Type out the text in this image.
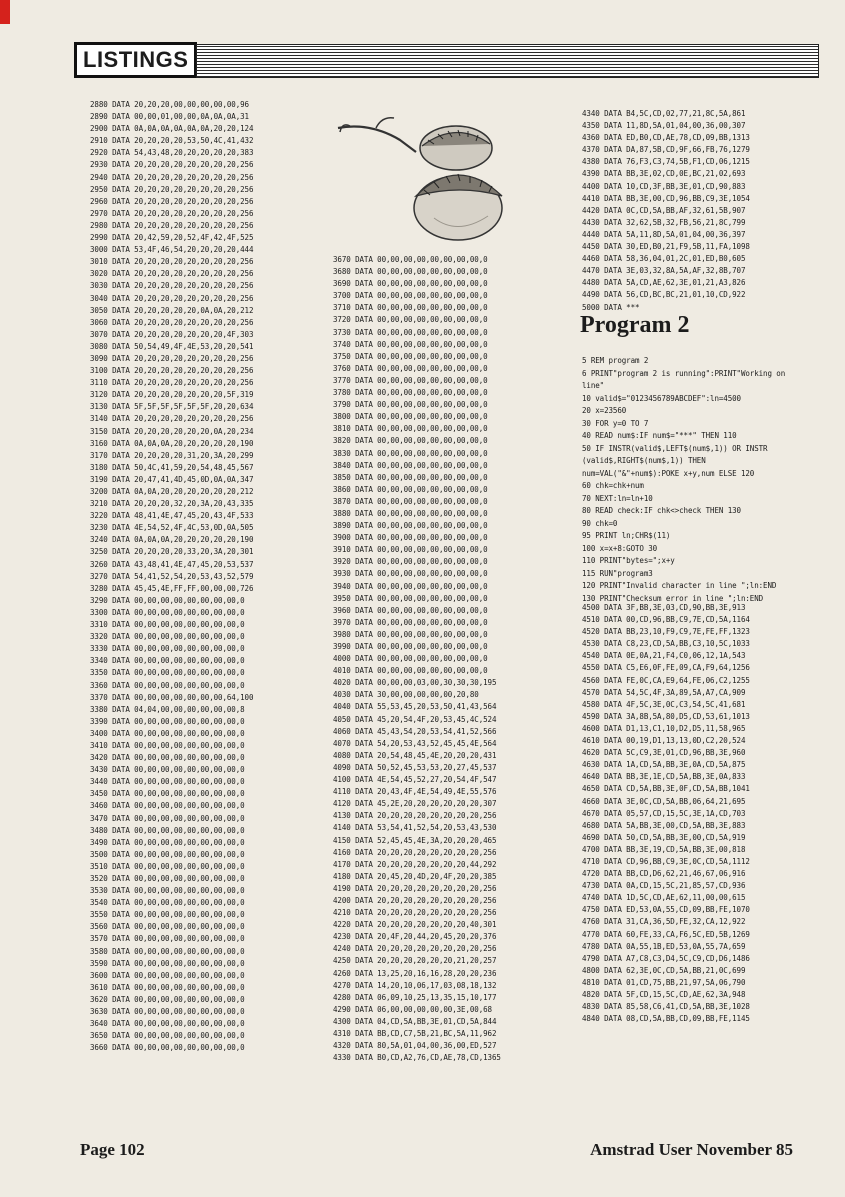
LISTINGS
2880 DATA 20,20,20,00,00,00,00,00,96
2890 DATA 00,00,01,00,00,0A,0A,0A,31
2900 DATA 0A,0A,0A,0A,0A,0A,20,20,124
2910 DATA 20,20,20,20,53,50,4C,41,432
2920 DATA 54,43,48,20,20,20,20,20,383
2930 DATA 20,20,20,20,20,20,20,20,256
2940 DATA 20,20,20,20,20,20,20,20,256
2950 DATA 20,20,20,20,20,20,20,20,256
2960 DATA 20,20,20,20,20,20,20,20,256
2970 DATA 20,20,20,20,20,20,20,20,256
2980 DATA 20,20,20,20,20,20,20,20,256
2990 DATA 20,42,59,20,52,4F,42,4F,525
3000 DATA 53,4F,46,54,20,20,20,20,444
3010 DATA 20,20,20,20,20,20,20,20,256
3020 DATA 20,20,20,20,20,20,20,20,256
3030 DATA 20,20,20,20,20,20,20,20,256
3040 DATA 20,20,20,20,20,20,20,20,256
3050 DATA 20,20,20,20,20,0A,0A,20,212
3060 DATA 20,20,20,20,20,20,20,20,256
3070 DATA 20,20,20,20,20,20,20,4F,303
3080 DATA 50,54,49,4F,4E,53,20,20,541
3090 DATA 20,20,20,20,20,20,20,20,256
3100 DATA 20,20,20,20,20,20,20,20,256
3110 DATA 20,20,20,20,20,20,20,20,256
3120 DATA 20,20,20,20,20,20,20,5F,319
3130 DATA 5F,5F,5F,5F,5F,5F,20,20,634
3140 DATA 20,20,20,20,20,20,20,20,256
3150 DATA 20,20,20,20,20,20,0A,20,234
3160 DATA 0A,0A,0A,20,20,20,20,20,190
3170 DATA 20,20,20,20,31,20,3A,20,299
3180 DATA 50,4C,41,59,20,54,48,45,567
3190 DATA 20,47,41,4D,45,0D,0A,0A,347
3200 DATA 0A,0A,20,20,20,20,20,20,212
3210 DATA 20,20,20,32,20,3A,20,43,335
3220 DATA 48,41,4E,47,45,20,43,4F,533
3230 DATA 4E,54,52,4F,4C,53,0D,0A,505
3240 DATA 0A,0A,0A,20,20,20,20,20,190
3250 DATA 20,20,20,20,33,20,3A,20,301
3260 DATA 43,48,41,4E,47,45,20,53,537
3270 DATA 54,41,52,54,20,53,43,52,579
3280 DATA 45,45,4E,FF,FF,00,00,00,726
3290 DATA 00,00,00,00,00,00,00,00,0
3300 DATA 00,00,00,00,00,00,00,00,0
3310 DATA 00,00,00,00,00,00,00,00,0
3320 DATA 00,00,00,00,00,00,00,00,0
3330 DATA 00,00,00,00,00,00,00,00,0
3340 DATA 00,00,00,00,00,00,00,00,0
3350 DATA 00,00,00,00,00,00,00,00,0
3360 DATA 00,00,00,00,00,00,00,00,0
3370 DATA 00,00,00,00,00,00,00,64,100
3380 DATA 04,04,00,00,00,00,00,00,8
3390 DATA 00,00,00,00,00,00,00,00,0
3400 DATA 00,00,00,00,00,00,00,00,0
3410 DATA 00,00,00,00,00,00,00,00,0
3420 DATA 00,00,00,00,00,00,00,00,0
3430 DATA 00,00,00,00,00,00,00,00,0
3440 DATA 00,00,00,00,00,00,00,00,0
3450 DATA 00,00,00,00,00,00,00,00,0
3460 DATA 00,00,00,00,00,00,00,00,0
3470 DATA 00,00,00,00,00,00,00,00,0
3480 DATA 00,00,00,00,00,00,00,00,0
3490 DATA 00,00,00,00,00,00,00,00,0
3500 DATA 00,00,00,00,00,00,00,00,0
3510 DATA 00,00,00,00,00,00,00,00,0
3520 DATA 00,00,00,00,00,00,00,00,0
3530 DATA 00,00,00,00,00,00,00,00,0
3540 DATA 00,00,00,00,00,00,00,00,0
3550 DATA 00,00,00,00,00,00,00,00,0
3560 DATA 00,00,00,00,00,00,00,00,0
3570 DATA 00,00,00,00,00,00,00,00,0
3580 DATA 00,00,00,00,00,00,00,00,0
3590 DATA 00,00,00,00,00,00,00,00,0
3600 DATA 00,00,00,00,00,00,00,00,0
3610 DATA 00,00,00,00,00,00,00,00,0
3620 DATA 00,00,00,00,00,00,00,00,0
3630 DATA 00,00,00,00,00,00,00,00,0
3640 DATA 00,00,00,00,00,00,00,00,0
3650 DATA 00,00,00,00,00,00,00,00,0
3660 DATA 00,00,00,00,00,00,00,00,0
3670 DATA 00,00,00,00,00,00,00,00,0
3680 DATA 00,00,00,00,00,00,00,00,0
3690 DATA 00,00,00,00,00,00,00,00,0
3700 DATA 00,00,00,00,00,00,00,00,0
3710 DATA 00,00,00,00,00,00,00,00,0
3720 DATA 00,00,00,00,00,00,00,00,0
3730 DATA 00,00,00,00,00,00,00,00,0
3740 DATA 00,00,00,00,00,00,00,00,0
3750 DATA 00,00,00,00,00,00,00,00,0
3760 DATA 00,00,00,00,00,00,00,00,0
3770 DATA 00,00,00,00,00,00,00,00,0
3780 DATA 00,00,00,00,00,00,00,00,0
3790 DATA 00,00,00,00,00,00,00,00,0
3800 DATA 00,00,00,00,00,00,00,00,0
3810 DATA 00,00,00,00,00,00,00,00,0
3820 DATA 00,00,00,00,00,00,00,00,0
3830 DATA 00,00,00,00,00,00,00,00,0
3840 DATA 00,00,00,00,00,00,00,00,0
3850 DATA 00,00,00,00,00,00,00,00,0
3860 DATA 00,00,00,00,00,00,00,00,0
3870 DATA 00,00,00,00,00,00,00,00,0
3880 DATA 00,00,00,00,00,00,00,00,0
3890 DATA 00,00,00,00,00,00,00,00,0
3900 DATA 00,00,00,00,00,00,00,00,0
3910 DATA 00,00,00,00,00,00,00,00,0
3920 DATA 00,00,00,00,00,00,00,00,0
3930 DATA 00,00,00,00,00,00,00,00,0
3940 DATA 00,00,00,00,00,00,00,00,0
3950 DATA 00,00,00,00,00,00,00,00,0
3960 DATA 00,00,00,00,00,00,00,00,0
3970 DATA 00,00,00,00,00,00,00,00,0
3980 DATA 00,00,00,00,00,00,00,00,0
3990 DATA 00,00,00,00,00,00,00,00,0
4000 DATA 00,00,00,00,00,00,00,00,0
4010 DATA 00,00,00,00,00,00,00,00,0
4020 DATA 00,00,00,03,00,30,30,30,195
4030 DATA 30,00,00,00,00,00,20,80
4040 DATA 55,53,45,20,53,50,41,43,564
4050 DATA 45,20,54,4F,20,53,45,4C,524
4060 DATA 45,43,54,20,53,54,41,52,566
4070 DATA 54,20,53,43,52,45,45,4E,564
4080 DATA 20,54,48,45,4E,20,20,20,431
4090 DATA 50,52,45,53,53,20,27,45,537
4100 DATA 4E,54,45,52,27,20,54,4F,547
4110 DATA 20,43,4F,4E,54,49,4E,55,576
4120 DATA 45,2E,20,20,20,20,20,20,307
4130 DATA 20,20,20,20,20,20,20,20,256
4140 DATA 53,54,41,52,54,20,53,43,530
4150 DATA 52,45,45,4E,3A,20,20,20,465
4160 DATA 20,20,20,20,20,20,20,20,256
4170 DATA 20,20,20,20,20,20,20,44,292
4180 DATA 20,45,20,4D,20,4F,20,20,385
4190 DATA 20,20,20,20,20,20,20,20,256
4200 DATA 20,20,20,20,20,20,20,20,256
4210 DATA 20,20,20,20,20,20,20,20,256
4220 DATA 20,20,20,20,20,20,20,40,301
4230 DATA 20,4F,20,44,20,45,20,20,376
4240 DATA 20,20,20,20,20,20,20,20,256
4250 DATA 20,20,20,20,20,20,21,20,257
4260 DATA 13,25,20,16,16,28,20,20,236
4270 DATA 14,20,10,06,17,03,08,18,132
4280 DATA 06,09,10,25,13,35,15,10,177
4290 DATA 06,00,00,00,00,00,3E,00,68
4300 DATA 04,CD,5A,BB,3E,01,CD,5A,844
4310 DATA BB,CD,C7,5B,21,BC,5A,11,962
4320 DATA 80,5A,01,04,00,36,00,ED,527
4330 DATA B0,CD,A2,76,CD,AE,78,CD,1365
4340 DATA B4,5C,CD,02,77,21,8C,5A,861
4350 DATA 11,8D,5A,01,04,00,36,00,307
4360 DATA ED,B0,CD,AE,78,CD,09,BB,1313
4370 DATA DA,87,5B,CD,9F,66,FB,76,1279
4380 DATA 76,F3,C3,74,5B,F1,CD,06,1215
4390 DATA BB,3E,02,CD,0E,BC,21,02,693
4400 DATA 10,CD,3F,BB,3E,01,CD,90,883
4410 DATA BB,3E,00,CD,96,BB,C9,3E,1054
4420 DATA 0C,CD,5A,BB,AF,32,61,5B,907
4430 DATA 32,62,5B,32,FB,56,21,8C,799
4440 DATA 5A,11,8D,5A,01,04,00,36,397
4450 DATA 30,ED,B0,21,F9,5B,11,FA,1098
4460 DATA 58,36,04,01,2C,01,ED,B0,605
4470 DATA 3E,03,32,8A,5A,AF,32,8B,707
4480 DATA 5A,CD,AE,62,3E,01,21,A3,826
4490 DATA 56,CD,BC,BC,21,01,10,CD,922
5000 DATA ***
Program 2
5 REM program 2
6 PRINT"program 2 is running":PRINT"Working on line"
10 valid$="0123456789ABCDEF":ln=4500
20 x=23560
30 FOR y=0 TO 7
40 READ num$:IF num$="***" THEN 110
50 IF INSTR(valid$,LEFT$(num$,1)) OR INSTR (valid$,RIGHT$(num$,1)) THEN num=VAL("&"+num$):POKE x+y,num ELSE 120
60 chk=chk+num
70 NEXT:ln=ln+10
80 READ check:IF chk<>check THEN 130
90 chk=0
95 PRINT ln;CHR$(11)
100 x=x+8:GOTO 30
110 PRINT"bytes=";x+y
115 RUN"program3
120 PRINT"Invalid character in line ";ln:END
130 PRINT"Checksum error in line ";ln:END
4500 DATA 3F,BB,3E,03,CD,90,BB,3E,913
4510 DATA 00,CD,96,BB,C9,7E,CD,5A,1164
4520 DATA BB,23,10,F9,C9,7E,FE,FF,1323
4530 DATA C8,23,CD,5A,BB,C3,10,5C,1033
4540 DATA 0E,0A,21,F4,C0,06,12,1A,543
4550 DATA C5,E6,0F,FE,09,CA,F9,64,1256
4560 DATA FE,0C,CA,E9,64,FE,06,C2,1255
4570 DATA 54,5C,4F,3A,89,5A,A7,CA,909
4580 DATA 4F,5C,3E,0C,C3,54,5C,41,681
4590 DATA 3A,8B,5A,80,D5,CD,53,61,1013
4600 DATA D1,13,C1,10,D2,D5,11,58,965
4610 DATA 00,19,D1,13,13,0D,C2,20,524
4620 DATA 5C,C9,3E,01,CD,96,BB,3E,960
4630 DATA 1A,CD,5A,BB,3E,0A,CD,5A,875
4640 DATA BB,3E,1E,CD,5A,BB,3E,0A,833
4650 DATA CD,5A,BB,3E,0F,CD,5A,BB,1041
4660 DATA 3E,0C,CD,5A,BB,06,64,21,695
4670 DATA 05,57,CD,15,5C,3E,1A,CD,703
4680 DATA 5A,BB,3E,00,CD,5A,BB,3E,883
4690 DATA 50,CD,5A,BB,3E,00,CD,5A,919
4700 DATA BB,3E,19,CD,5A,BB,3E,00,818
4710 DATA CD,96,BB,C9,3E,0C,CD,5A,1112
4720 DATA BB,CD,D6,62,21,46,67,06,916
4730 DATA 0A,CD,15,5C,21,85,57,CD,936
4740 DATA 1D,5C,CD,AE,62,11,00,00,615
4750 DATA ED,53,0A,55,CD,09,BB,FE,1070
4760 DATA 31,CA,36,5D,FE,32,CA,12,922
4770 DATA 60,FE,33,CA,F6,5C,ED,5B,1269
4780 DATA 0A,55,1B,ED,53,0A,55,7A,659
4790 DATA A7,C8,C3,D4,5C,C9,CD,D6,1486
4800 DATA 62,3E,0C,CD,5A,BB,21,0C,699
4810 DATA 01,CD,75,BB,21,97,5A,06,790
4820 DATA 5F,CD,15,5C,CD,AE,62,3A,948
4830 DATA 85,58,C6,41,CD,5A,BB,3E,1028
4840 DATA 08,CD,5A,BB,CD,09,BB,FE,1145
Page 102	Amstrad User November 85
